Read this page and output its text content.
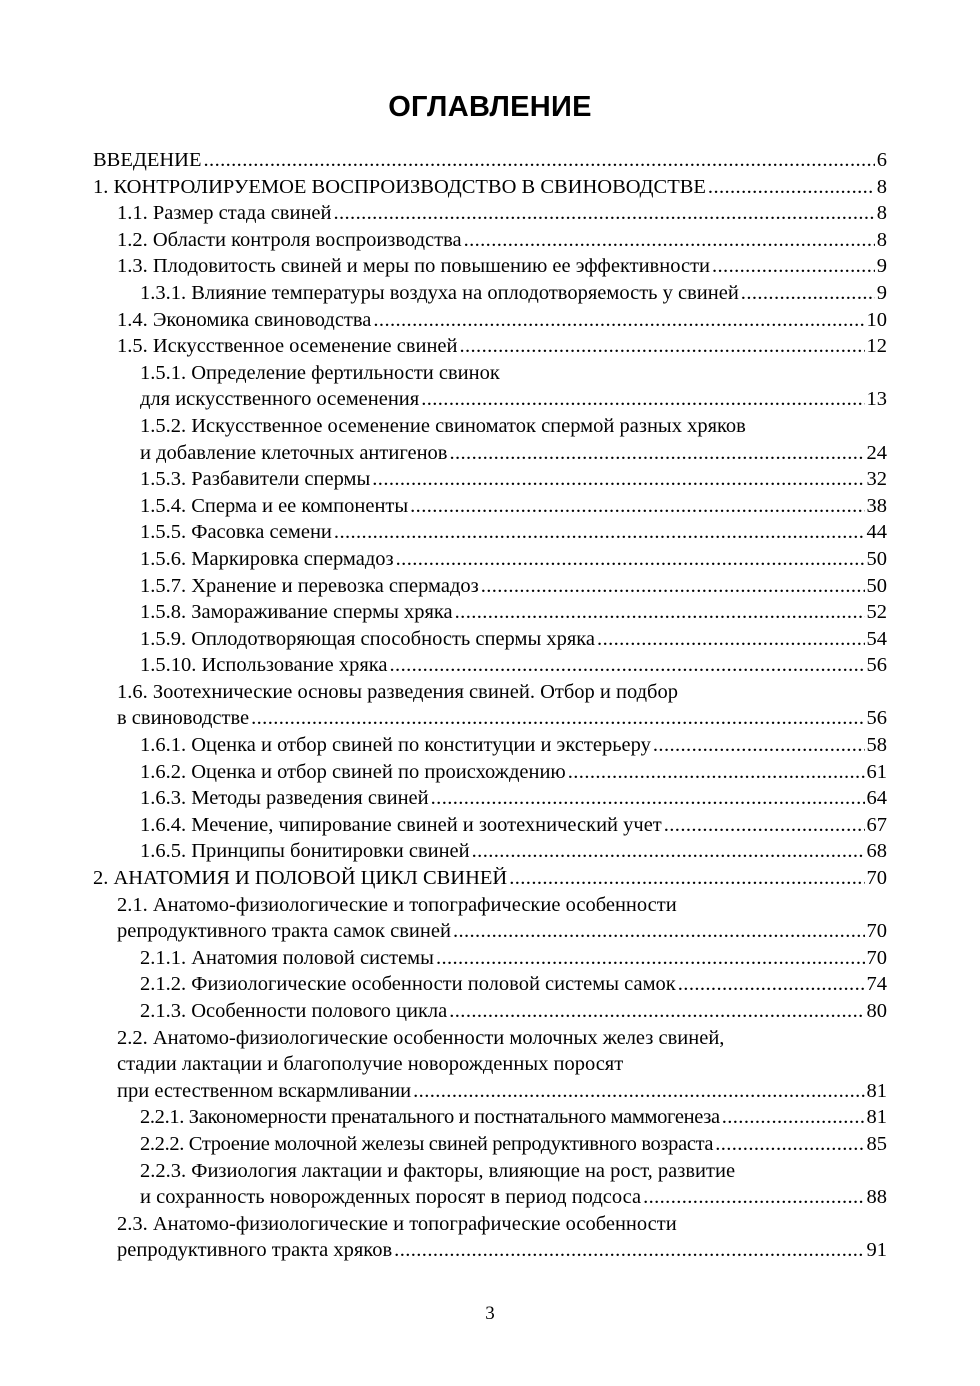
ОГЛАВЛЕНИЕ
ВВЕДЕНИЕ .....	6
1. КОНТРОЛИРУЕМОЕ ВОСПРОИЗВОДСТВО В СВИНОВОДСТВЕ .....	8
1.1. Размер стада свиней .....	8
1.2. Области контроля воспроизводства .....	8
1.3. Плодовитость свиней и меры по повышению ее эффективности .....	9
1.3.1. Влияние температуры воздуха на оплодотворяемость у свиней .....	9
1.4. Экономика свиноводства .....	10
1.5. Искусственное осеменение свиней .....	12
1.5.1. Определение фертильности свинок
для искусственного осеменения .....	13
1.5.2. Искусственное осеменение свиноматок спермой разных хряков
и добавление клеточных антигенов .....	24
1.5.3. Разбавители спермы .....	32
1.5.4. Сперма и ее компоненты .....	38
1.5.5. Фасовка семени .....	44
1.5.6. Маркировка спермадоз .....	50
1.5.7. Хранение и перевозка спермадоз .....	50
1.5.8. Замораживание спермы хряка .....	52
1.5.9. Оплодотворяющая способность спермы хряка .....	54
1.5.10. Использование хряка .....	56
1.6. Зоотехнические основы разведения свиней. Отбор и подбор
в свиноводстве .....	56
1.6.1. Оценка и отбор свиней по конституции и экстерьеру .....	58
1.6.2. Оценка и отбор свиней по происхождению .....	61
1.6.3. Методы разведения свиней .....	64
1.6.4. Мечение, чипирование свиней и зоотехнический учет .....	67
1.6.5. Принципы бонитировки свиней .....	68
2. АНАТОМИЯ И ПОЛОВОЙ ЦИКЛ СВИНЕЙ .....	70
2.1. Анатомо-физиологические и топографические особенности
репродуктивного тракта самок свиней .....	70
2.1.1. Анатомия половой системы .....	70
2.1.2. Физиологические особенности половой системы самок .....	74
2.1.3. Особенности полового цикла .....	80
2.2. Анатомо-физиологические особенности молочных желез свиней,
стадии лактации и благополучие новорожденных поросят
при естественном вскармливании .....	81
2.2.1. Закономерности пренатального и постнатального маммогенеза .....	81
2.2.2. Строение молочной железы свиней репродуктивного возраста .....	85
2.2.3. Физиология лактации и факторы, влияющие на рост, развитие
и сохранность новорожденных поросят в период подсоса .....	88
2.3. Анатомо-физиологические и топографические особенности
репродуктивного тракта хряков .....	91
3
